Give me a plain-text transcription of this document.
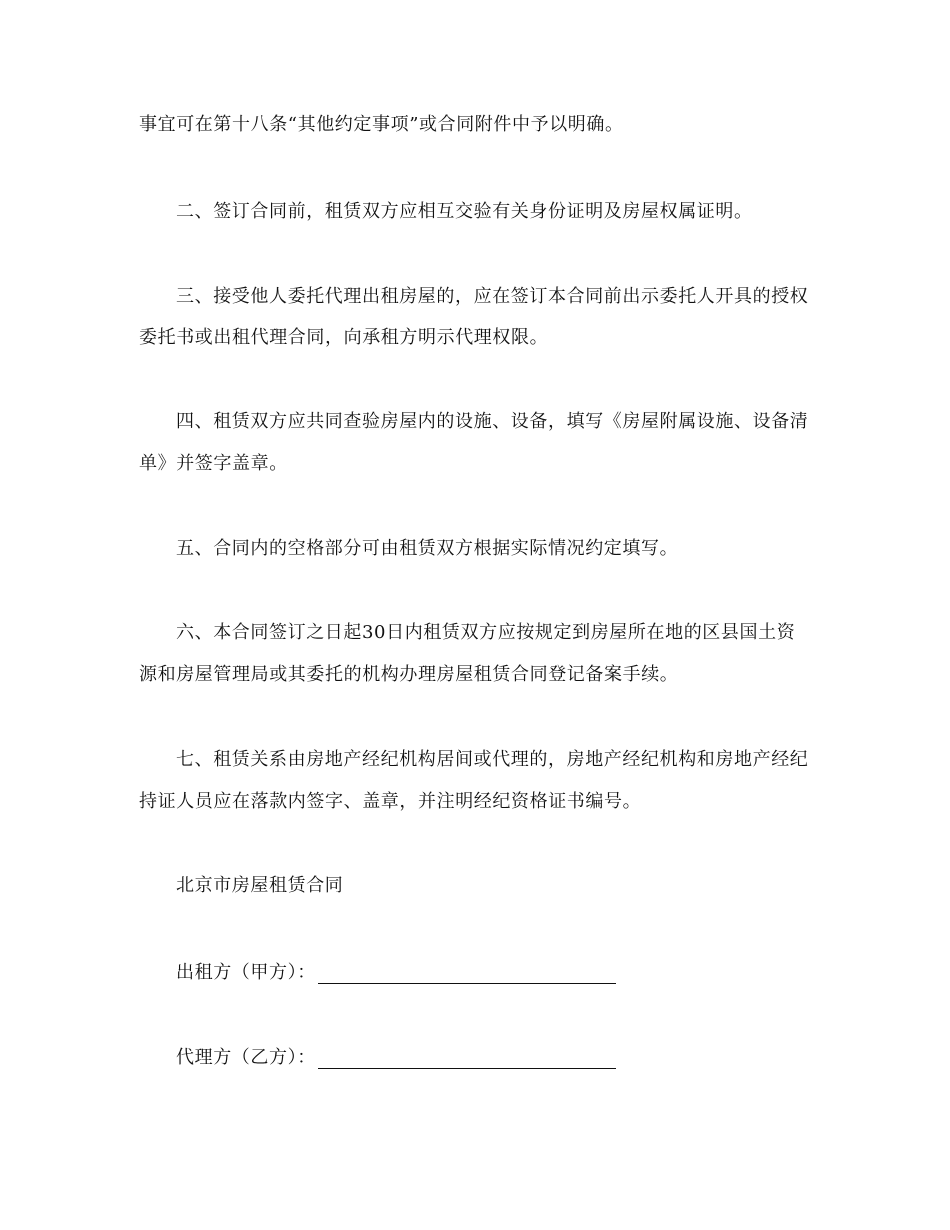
事宜可在第十八条“其他约定事项”或合同附件中予以明确。
二、签订合同前，租赁双方应相互交验有关身份证明及房屋权属证明。
三、接受他人委托代理出租房屋的，应在签订本合同前出示委托人开具的授权
委托书或出租代理合同，向承租方明示代理权限。
四、租赁双方应共同查验房屋内的设施、设备，填写《房屋附属设施、设备清
单》并签字盖章。
五、合同内的空格部分可由租赁双方根据实际情况约定填写。
六、本合同签订之日起30日内租赁双方应按规定到房屋所在地的区县国土资
源和房屋管理局或其委托的机构办理房屋租赁合同登记备案手续。
七、租赁关系由房地产经纪机构居间或代理的，房地产经纪机构和房地产经纪
持证人员应在落款内签字、盖章，并注明经纪资格证书编号。
北京市房屋租赁合同
出租方（甲方）：
代理方（乙方）：
